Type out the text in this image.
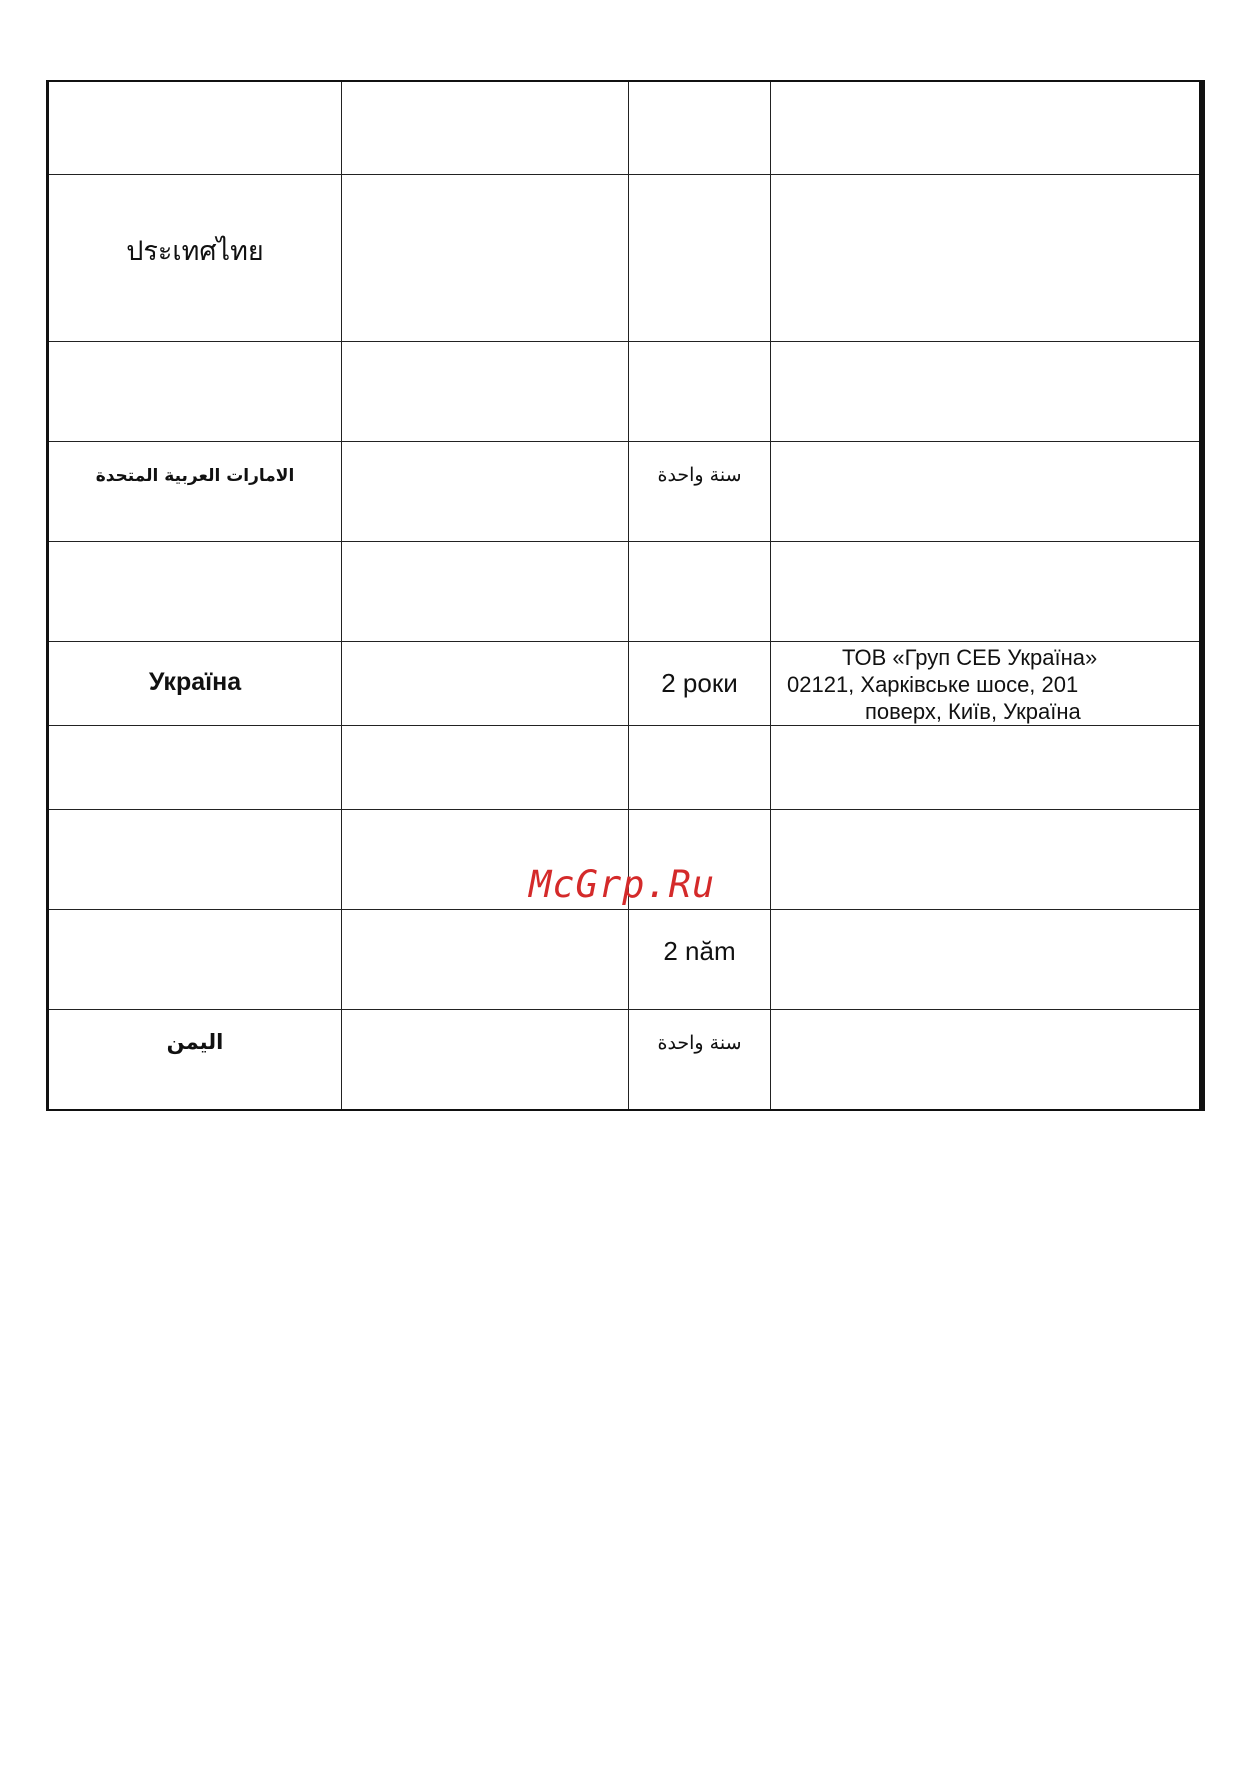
ประเทศไทย			

الامارات العربية المتحدة		سنة واحدة	

Україна		2 роки	ТОВ «Груп СЕБ Україна»
02121, Харківське шосе, 201
поверх, Київ, Україна

		2 năm	

اليمن		سنة واحدة	

McGrp.Ru
